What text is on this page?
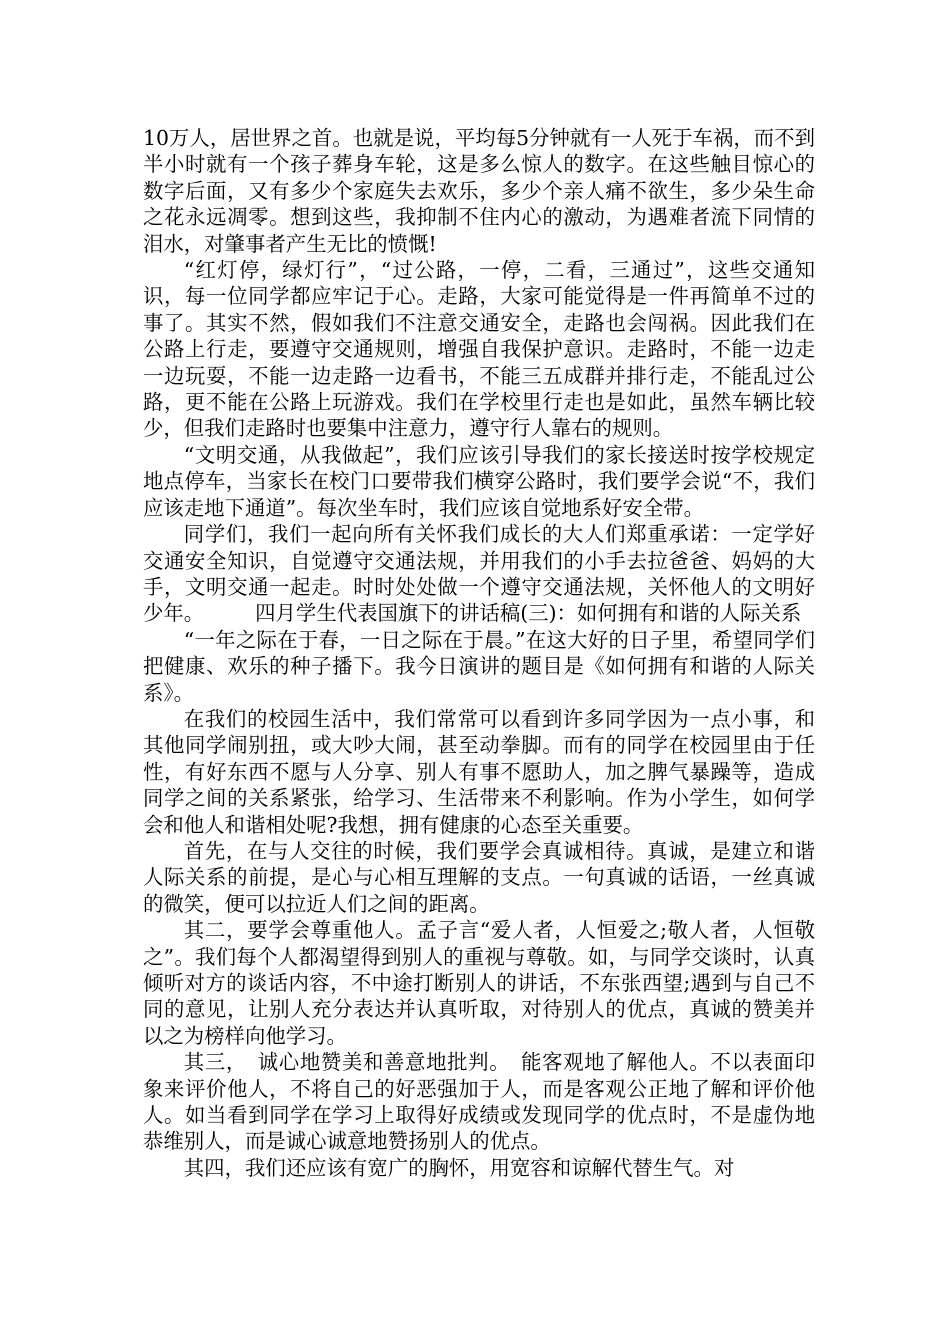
10万人，居世界之首。也就是说，平均每5分钟就有一人死于车祸，而不到半小时就有一个孩子葬身车轮，这是多么惊人的数字。在这些触目惊心的数字后面，又有多少个家庭失去欢乐，多少个亲人痛不欲生，多少朵生命之花永远凋零。想到这些，我抑制不住内心的激动，为遇难者流下同情的泪水，对肇事者产生无比的愤慨!

“红灯停，绿灯行”，“过公路，一停，二看，三通过”，这些交通知识，每一位同学都应牢记于心。走路，大家可能觉得是一件再简单不过的事了。其实不然，假如我们不注意交通安全，走路也会闯祸。因此我们在公路上行走，要遵守交通规则，增强自我保护意识。走路时，不能一边走一边玩耍，不能一边走路一边看书，不能三五成群并排行走，不能乱过公路，更不能在公路上玩游戏。我们在学校里行走也是如此，虽然车辆比较少，但我们走路时也要集中注意力，遵守行人靠右的规则。

“文明交通，从我做起”，我们应该引导我们的家长接送时按学校规定地点停车，当家长在校门口要带我们横穿公路时，我们要学会说“不，我们应该走地下通道”。每次坐车时，我们应该自觉地系好安全带。

同学们，我们一起向所有关怀我们成长的大人们郑重承诺：一定学好交通安全知识，自觉遵守交通法规，并用我们的小手去拉爸爸、妈妈的大手，文明交通一起走。时时处处做一个遵守交通法规，关怀他人的文明好少年。　　　四月学生代表国旗下的讲话稿(三)：如何拥有和谐的人际关系

“一年之际在于春，一日之际在于晨。”在这大好的日子里，希望同学们把健康、欢乐的种子播下。我今日演讲的题目是《如何拥有和谐的人际关系》。

在我们的校园生活中，我们常常可以看到许多同学因为一点小事，和其他同学闹别扭，或大吵大闹，甚至动拳脚。而有的同学在校园里由于任性，有好东西不愿与人分享、别人有事不愿助人，加之脾气暴躁等，造成同学之间的关系紧张，给学习、生活带来不利影响。作为小学生，如何学会和他人和谐相处呢?我想，拥有健康的心态至关重要。

首先，在与人交往的时候，我们要学会真诚相待。真诚，是建立和谐人际关系的前提，是心与心相互理解的支点。一句真诚的话语，一丝真诚的微笑，便可以拉近人们之间的距离。

其二，要学会尊重他人。孟子言“爱人者，人恒爱之;敬人者，人恒敬之”。我们每个人都渴望得到别人的重视与尊敬。如，与同学交谈时，认真倾听对方的谈话内容，不中途打断别人的讲话，不东张西望;遇到与自己不同的意见，让别人充分表达并认真听取，对待别人的优点，真诚的赞美并以之为榜样向他学习。

其三，　诚心地赞美和善意地批判。　能客观地了解他人。不以表面印象来评价他人，不将自己的好恶强加于人，而是客观公正地了解和评价他人。如当看到同学在学习上取得好成绩或发现同学的优点时，不是虚伪地恭维别人，而是诚心诚意地赞扬别人的优点。

其四，我们还应该有宽广的胸怀，用宽容和谅解代替生气。对
